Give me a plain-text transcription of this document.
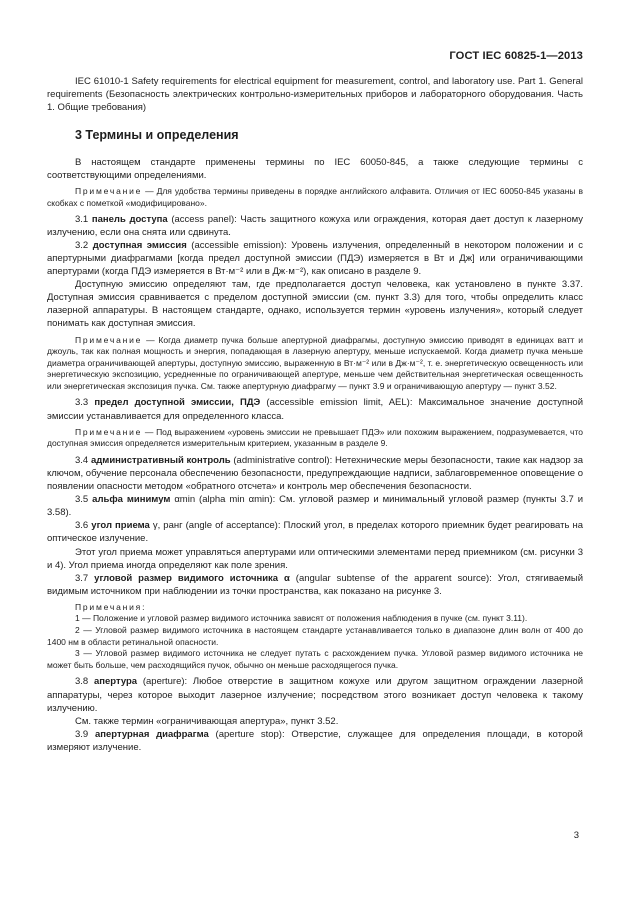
ГОСТ IEC 60825-1—2013

IEC 61010-1 Safety requirements for electrical equipment for measurement, control, and laboratory use. Part 1. General requirements (Безопасность электрических контрольно-измерительных приборов и лабораторного оборудования. Часть 1. Общие требования)

3 Термины и определения

В настоящем стандарте применены термины по IEC 60050-845, а также следующие термины с соответствующими определениями.

Примечание — Для удобства термины приведены в порядке английского алфавита. Отличия от IEC 60050-845 указаны в скобках с пометкой «модифицировано».

3.1 панель доступа (access panel): Часть защитного кожуха или ограждения, которая дает доступ к лазерному излучению, если она снята или сдвинута.

3.2 доступная эмиссия (accessible emission): Уровень излучения, определенный в некотором положении и с апертурными диафрагмами [когда предел доступной эмиссии (ПДЭ) измеряется в Вт и Дж] или ограничивающими апертурами (когда ПДЭ измеряется в Вт·м⁻² или в Дж·м⁻²), как описано в разделе 9.

Доступную эмиссию определяют там, где предполагается доступ человека, как установлено в пункте 3.37. Доступная эмиссия сравнивается с пределом доступной эмиссии (см. пункт 3.3) для того, чтобы определить класс лазерной аппаратуры. В настоящем стандарте, однако, используется термин «уровень излучения», который следует понимать как доступная эмиссия.

Примечание — Когда диаметр пучка больше апертурной диафрагмы, доступную эмиссию приводят в единицах ватт и джоуль, так как полная мощность и энергия, попадающая в лазерную апертуру, меньше испускаемой. Когда диаметр пучка меньше диаметра ограничивающей апертуры, доступную эмиссию, выраженную в Вт·м⁻² или в Дж·м⁻², т. е. энергетическую освещенность или энергетическую экспозицию, усредненные по ограничивающей апертуре, меньше чем действительная энергетическая освещенность или энергетическая экспозиция пучка. См. также апертурную диафрагму — пункт 3.9 и ограничивающую апертуру — пункт 3.52.

3.3 предел доступной эмиссии, ПДЭ (accessible emission limit, AEL): Максимальное значение доступной эмиссии устанавливается для определенного класса.

Примечание — Под выражением «уровень эмиссии не превышает ПДЭ» или похожим выражением, подразумевается, что доступная эмиссия определяется измерительным критерием, указанным в разделе 9.

3.4 административный контроль (administrative control): Нетехнические меры безопасности, такие как надзор за ключом, обучение персонала обеспечению безопасности, предупреждающие надписи, заблаговременное оповещение о появлении опасности методом «обратного отсчета» и контроль мер обеспечения безопасности.

3.5 альфа минимум αmin (alpha min αmin): См. угловой размер и минимальный угловой размер (пункты 3.7 и 3.58).

3.6 угол приема γ, ранг (angle of acceptance): Плоский угол, в пределах которого приемник будет реагировать на оптическое излучение.

Этот угол приема может управляться апертурами или оптическими элементами перед приемником (см. рисунки 3 и 4). Угол приема иногда определяют как поле зрения.

3.7 угловой размер видимого источника α (angular subtense of the apparent source): Угол, стягиваемый видимым источником при наблюдении из точки пространства, как показано на рисунке 3.

Примечания:

1 — Положение и угловой размер видимого источника зависят от положения наблюдения в пучке (см. пункт 3.11).

2 — Угловой размер видимого источника в настоящем стандарте устанавливается только в диапазоне длин волн от 400 до 1400 нм в области ретинальной опасности.

3 — Угловой размер видимого источника не следует путать с расхождением пучка. Угловой размер видимого источника не может быть больше, чем расходящийся пучок, обычно он меньше расходящегося пучка.

3.8 апертура (aperture): Любое отверстие в защитном кожухе или другом защитном ограждении лазерной аппаратуры, через которое выходит лазерное излучение; посредством этого возникает доступ человека к такому излучению.

См. также термин «ограничивающая апертура», пункт 3.52.

3.9 апертурная диафрагма (aperture stop): Отверстие, служащее для определения площади, в которой измеряют излучение.

3
